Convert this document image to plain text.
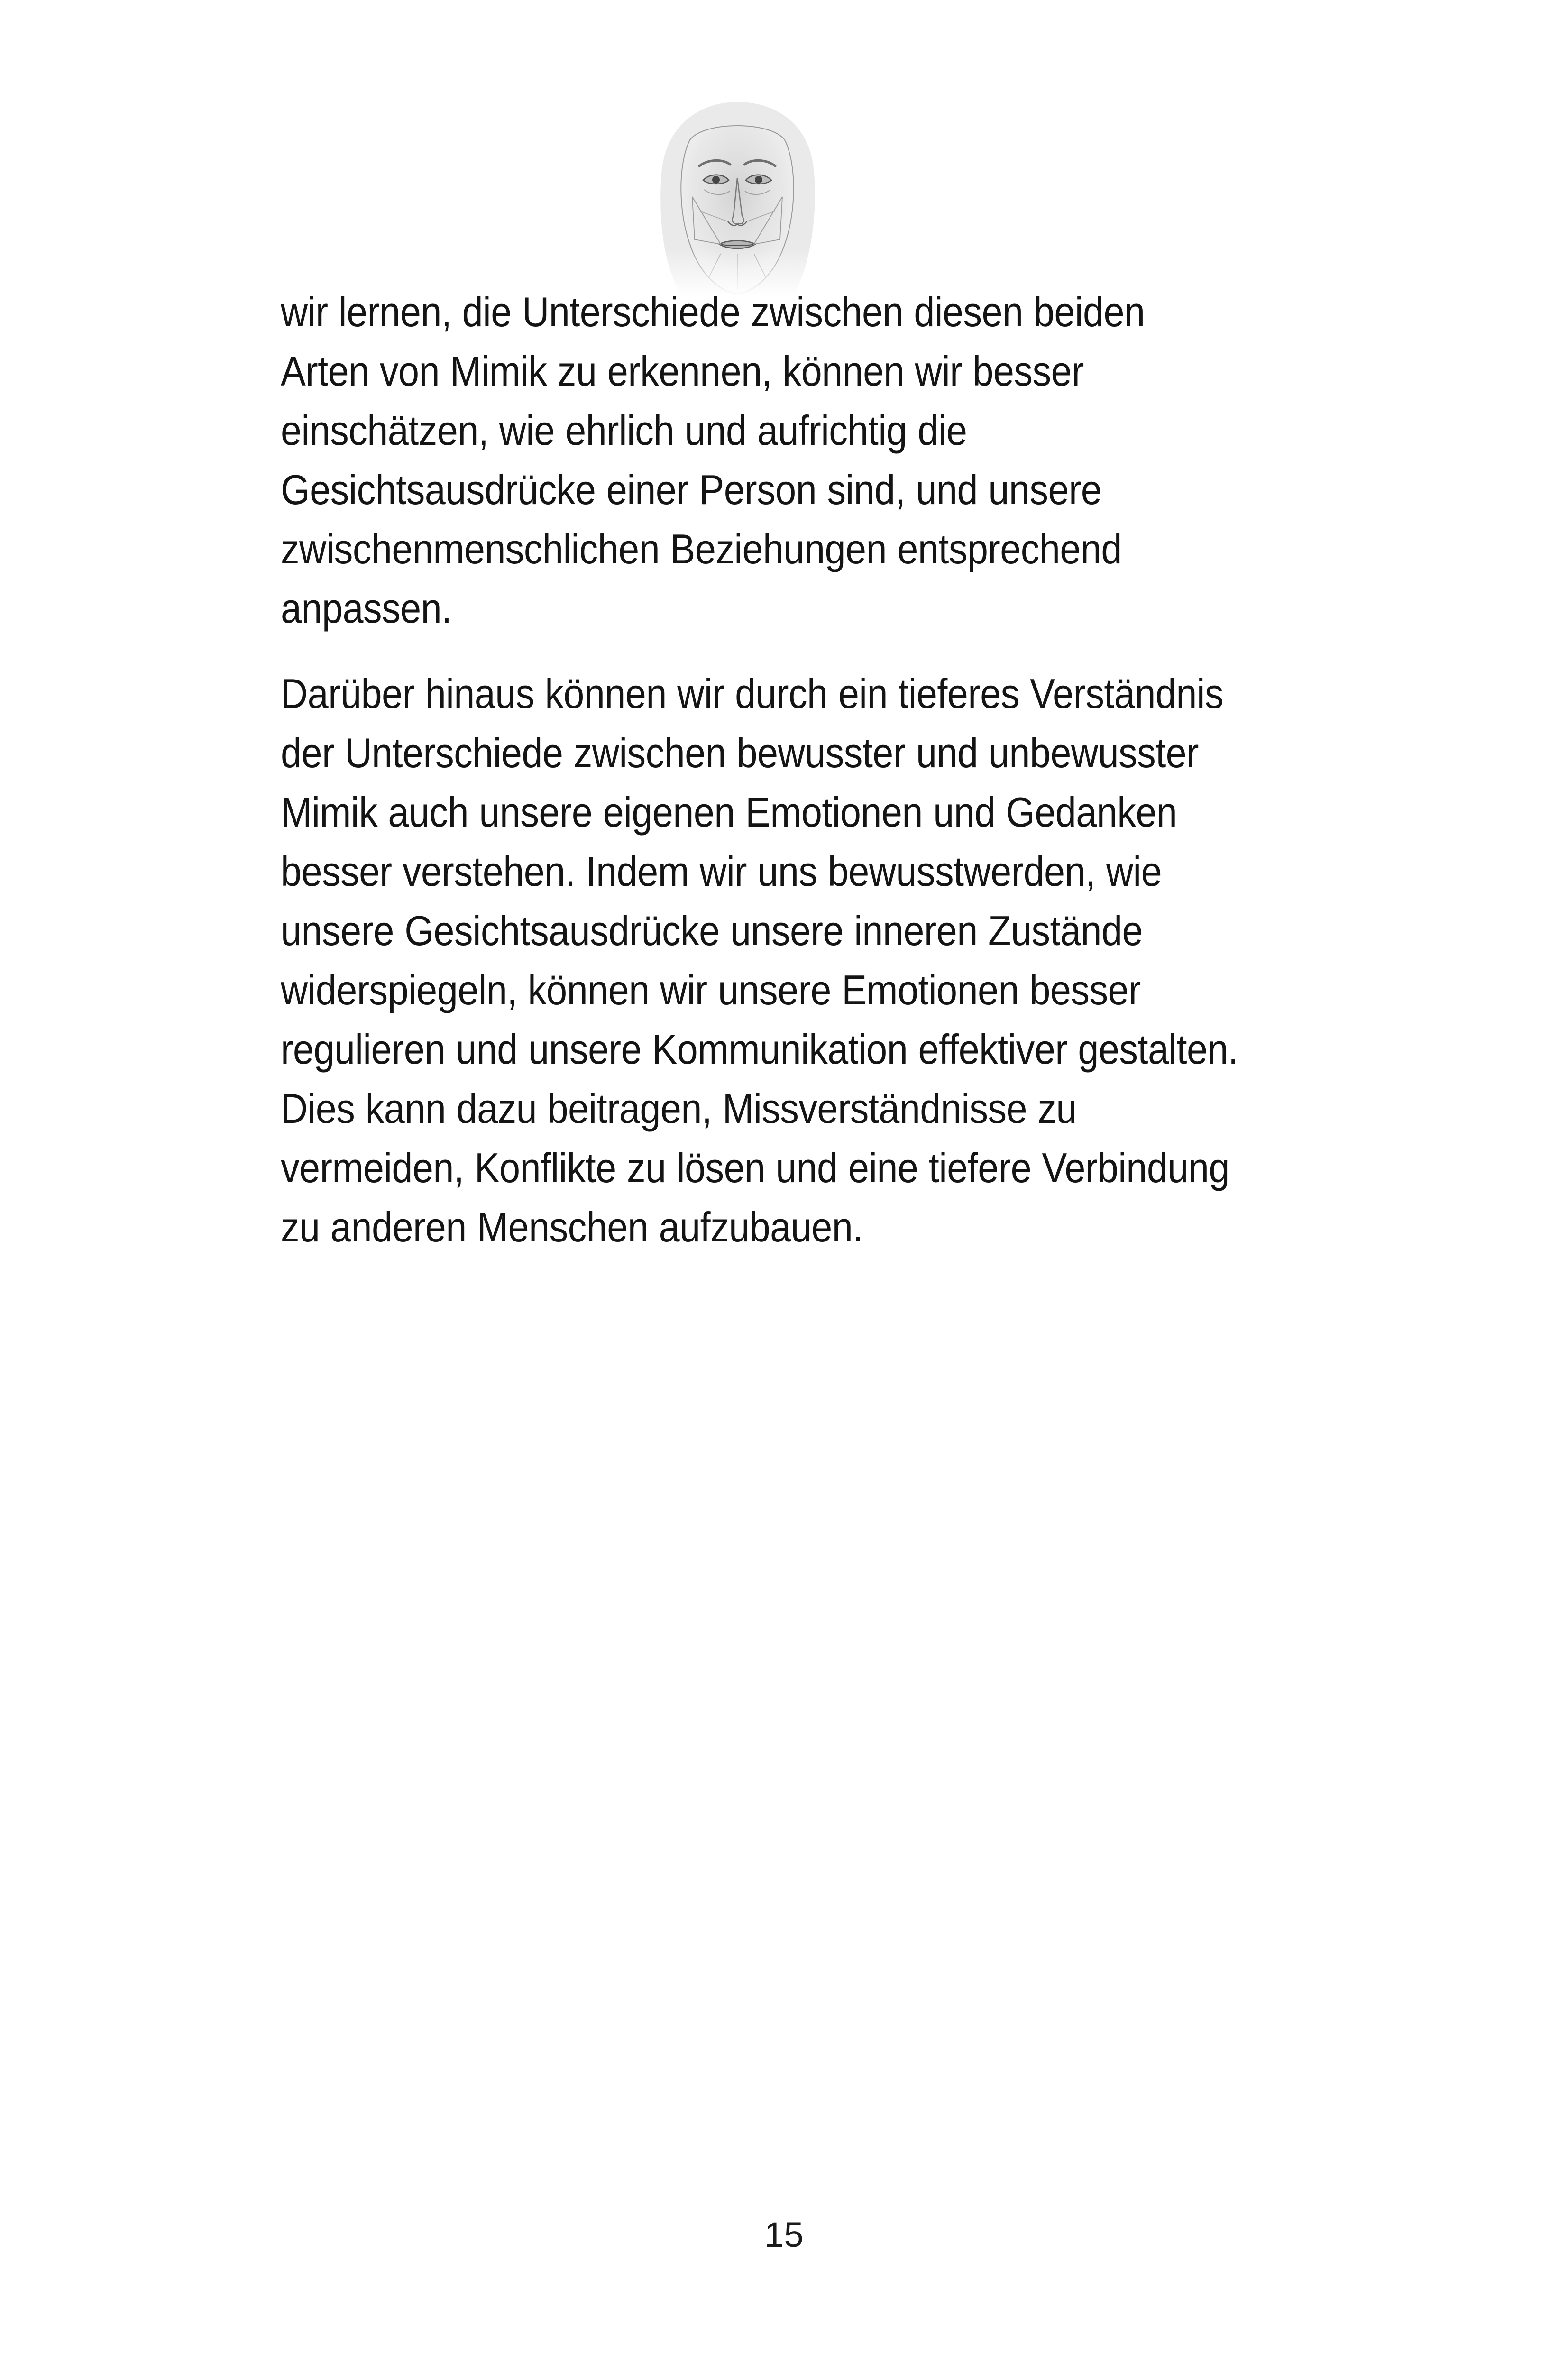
wir lernen, die Unterschiede zwischen diesen beiden
Arten von Mimik zu erkennen, können wir besser
einschätzen, wie ehrlich und aufrichtig die
Gesichtsausdrücke einer Person sind, und unsere
zwischenmenschlichen Beziehungen entsprechend
anpassen.

Darüber hinaus können wir durch ein tieferes Verständnis
der Unterschiede zwischen bewusster und unbewusster
Mimik auch unsere eigenen Emotionen und Gedanken
besser verstehen. Indem wir uns bewusstwerden, wie
unsere Gesichtsausdrücke unsere inneren Zustände
widerspiegeln, können wir unsere Emotionen besser
regulieren und unsere Kommunikation effektiver gestalten.
Dies kann dazu beitragen, Missverständnisse zu
vermeiden, Konflikte zu lösen und eine tiefere Verbindung
zu anderen Menschen aufzubauen.

15
